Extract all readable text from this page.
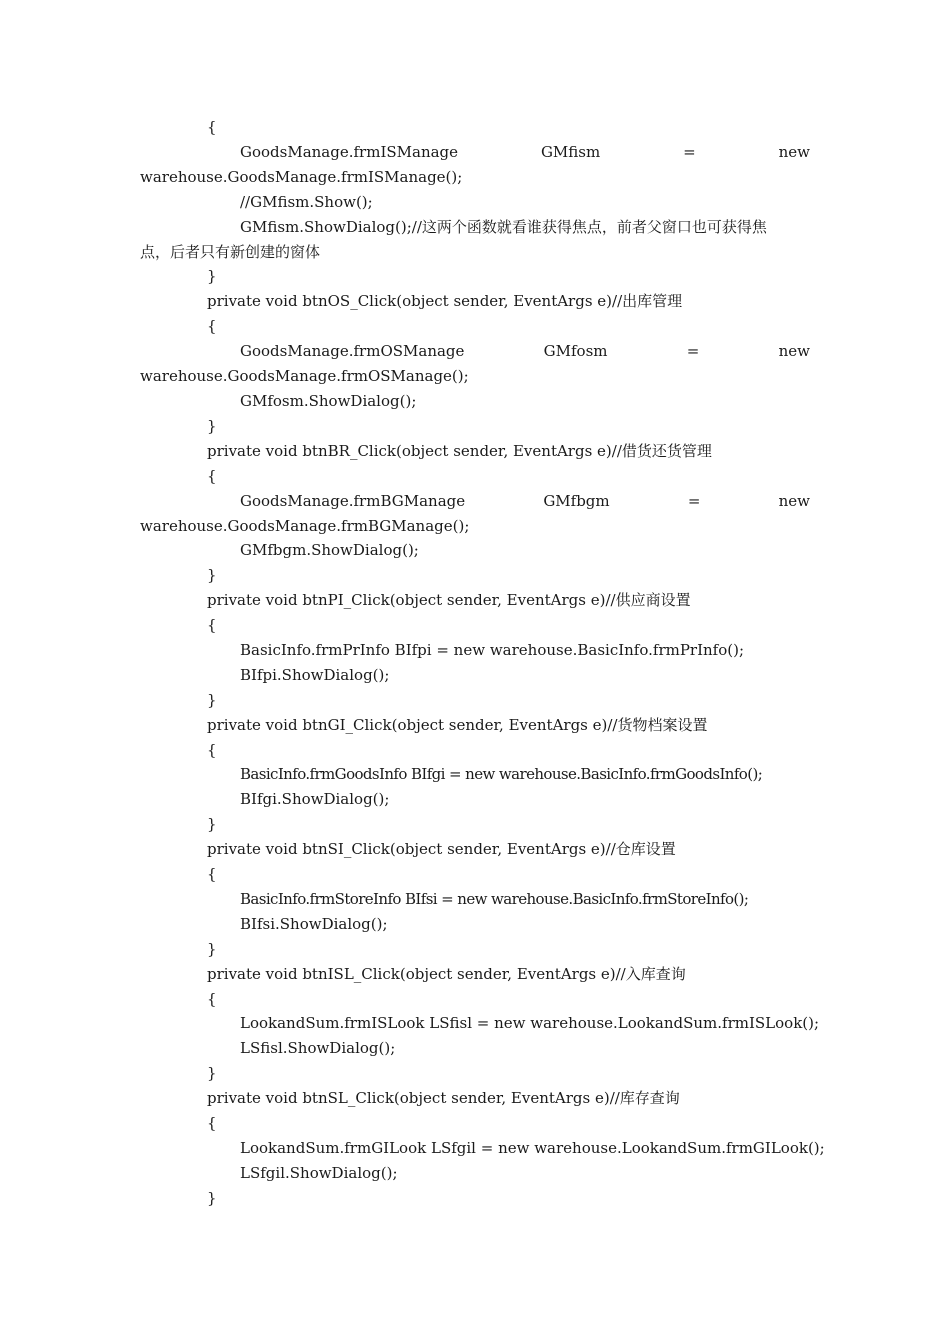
{
GoodsManage.frmISManage	GMfism	=	new
warehouse.GoodsManage.frmISManage();
//GMfism.Show();
GMfism.ShowDialog();//这两个函数就看谁获得焦点，前者父窗口也可获得焦
点，后者只有新创建的窗体
}
private void btnOS_Click(object sender, EventArgs e)//出库管理
{
GoodsManage.frmOSManage	GMfosm	=	new
warehouse.GoodsManage.frmOSManage();
GMfosm.ShowDialog();
}
private void btnBR_Click(object sender, EventArgs e)//借货还货管理
{
GoodsManage.frmBGManage	GMfbgm	=	new
warehouse.GoodsManage.frmBGManage();
GMfbgm.ShowDialog();
}
private void btnPI_Click(object sender, EventArgs e)//供应商设置
{
BasicInfo.frmPrInfo BIfpi = new warehouse.BasicInfo.frmPrInfo();
BIfpi.ShowDialog();
}
private void btnGI_Click(object sender, EventArgs e)//货物档案设置
{
BasicInfo.frmGoodsInfo BIfgi = new warehouse.BasicInfo.frmGoodsInfo();
BIfgi.ShowDialog();
}
private void btnSI_Click(object sender, EventArgs e)//仓库设置
{
BasicInfo.frmStoreInfo BIfsi = new warehouse.BasicInfo.frmStoreInfo();
BIfsi.ShowDialog();
}
private void btnISL_Click(object sender, EventArgs e)//入库查询
{
LookandSum.frmISLook LSfisl = new warehouse.LookandSum.frmISLook();
LSfisl.ShowDialog();
}
private void btnSL_Click(object sender, EventArgs e)//库存查询
{
LookandSum.frmGILook LSfgil = new warehouse.LookandSum.frmGILook();
LSfgil.ShowDialog();
}
